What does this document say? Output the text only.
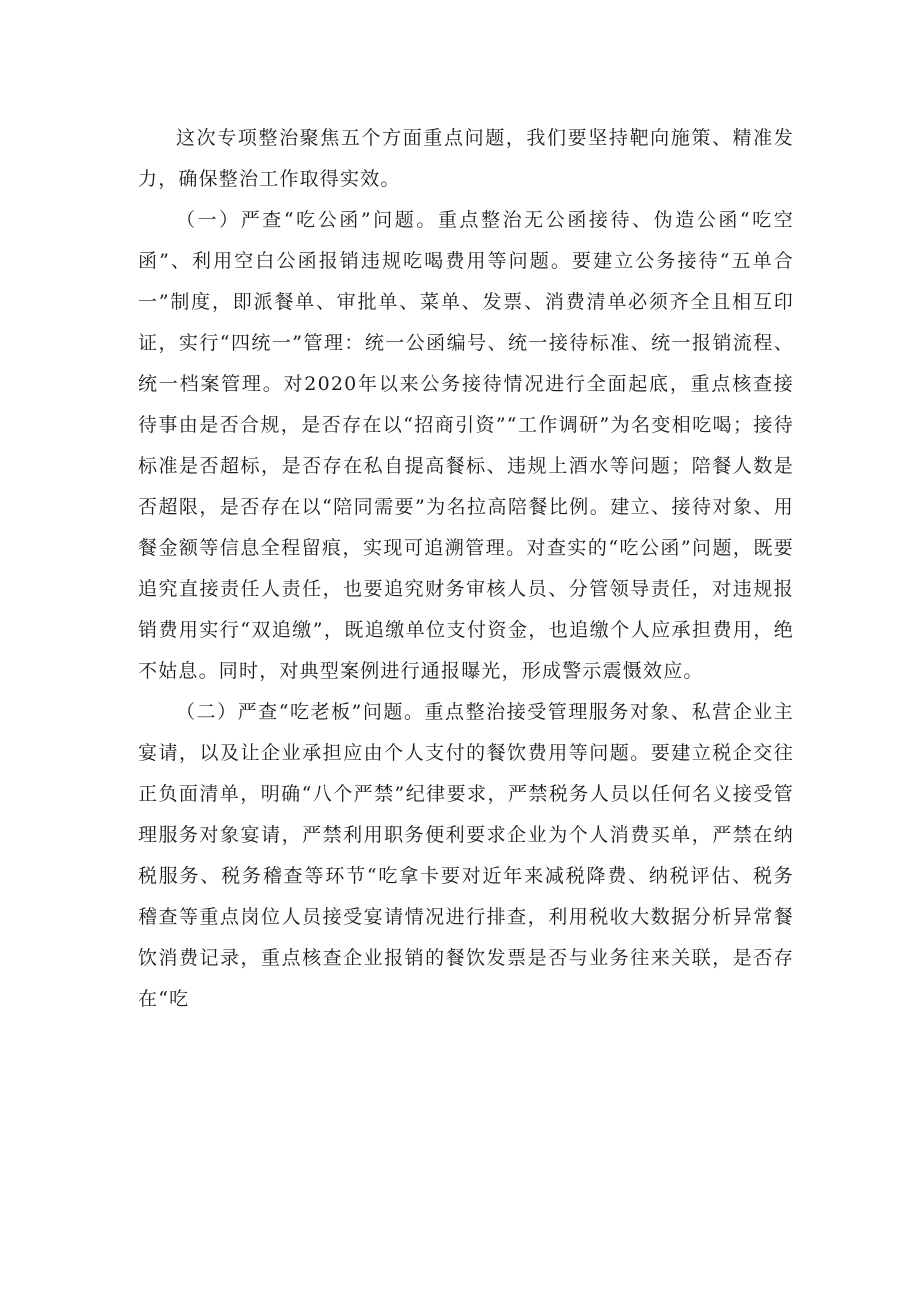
这次专项整治聚焦五个方面重点问题，我们要坚持靶向施策、精准发力，确保整治工作取得实效。

（一）严查“吃公函”问题。重点整治无公函接待、伪造公函“吃空函”、利用空白公函报销违规吃喝费用等问题。要建立公务接待“五单合一”制度，即派餐单、审批单、菜单、发票、消费清单必须齐全且相互印证，实行“四统一”管理：统一公函编号、统一接待标准、统一报销流程、统一档案管理。对2020年以来公务接待情况进行全面起底，重点核查接待事由是否合规，是否存在以“招商引资”“工作调研”为名变相吃喝；接待标准是否超标，是否存在私自提高餐标、违规上酒水等问题；陪餐人数是否超限，是否存在以“陪同需要”为名拉高陪餐比例。建立、接待对象、用餐金额等信息全程留痕，实现可追溯管理。对查实的“吃公函”问题，既要追究直接责任人责任，也要追究财务审核人员、分管领导责任，对违规报销费用实行“双追缴”，既追缴单位支付资金，也追缴个人应承担费用，绝不姑息。同时，对典型案例进行通报曝光，形成警示震慑效应。

（二）严查“吃老板”问题。重点整治接受管理服务对象、私营企业主宴请，以及让企业承担应由个人支付的餐饮费用等问题。要建立税企交往正负面清单，明确“八个严禁”纪律要求，严禁税务人员以任何名义接受管理服务对象宴请，严禁利用职务便利要求企业为个人消费买单，严禁在纳税服务、税务稽查等环节“吃拿卡要对近年来减税降费、纳税评估、税务稽查等重点岗位人员接受宴请情况进行排查，利用税收大数据分析异常餐饮消费记录，重点核查企业报销的餐饮发票是否与业务往来关联，是否存在“吃
